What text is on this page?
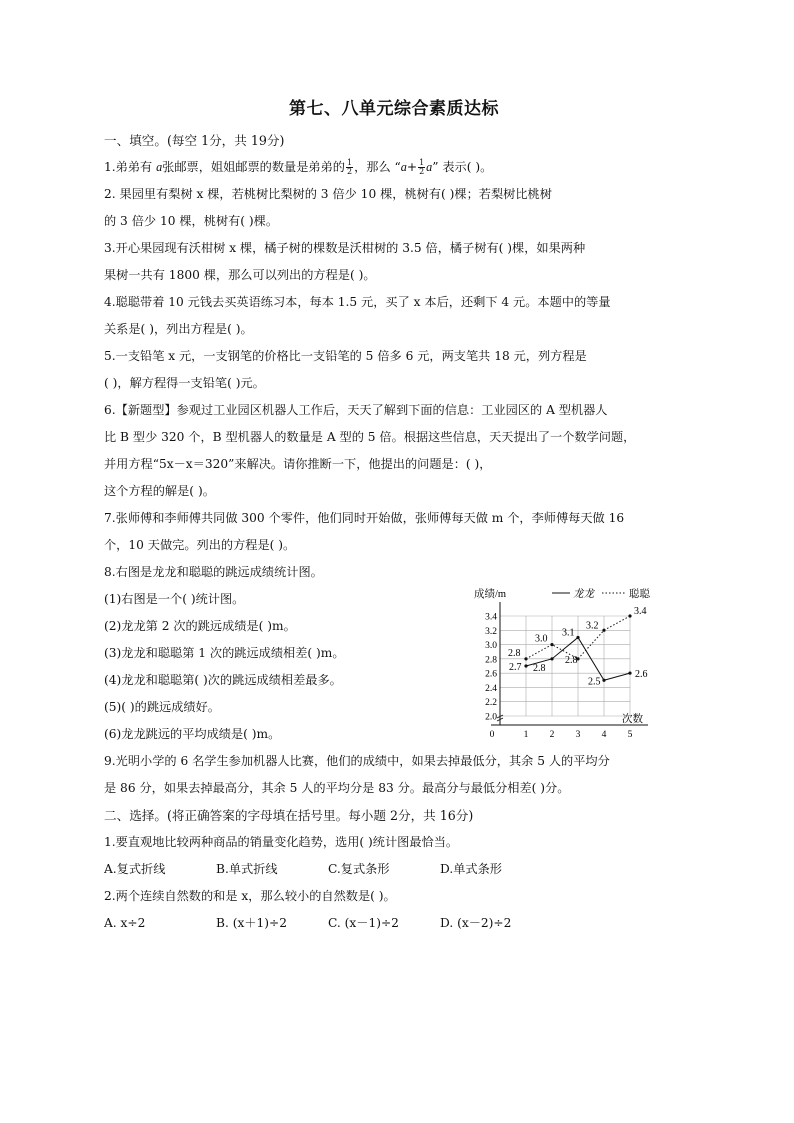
第七、八单元综合素质达标
一、填空。(每空 1分，共 19分)
1.弟弟有 a张邮票，姐姐邮票的数量是弟弟的 $\frac{1}{2}$ ，那么 “$a+ \frac{1}{2} a$” 表示( )。
2. 果园里有梨树 x 棵，若桃树比梨树的 3 倍少 10 棵，桃树有( )棵；若梨树比桃树
的 3 倍少 10 棵，桃树有( )棵。
3.开心果园现有沃柑树 x 棵，橘子树的棵数是沃柑树的 3.5 倍，橘子树有( )棵，如果两种
果树一共有 1800 棵，那么可以列出的方程是( )。
4.聪聪带着 10 元钱去买英语练习本，每本 1.5 元，买了 x 本后，还剩下 4 元。本题中的等量
关系是( )，列出方程是( )。
5.一支铅笔 x 元，一支钢笔的价格比一支铅笔的 5 倍多 6 元，两支笔共 18 元，列方程是
( )，解方程得一支铅笔( )元。
6.【新题型】参观过工业园区机器人工作后，天天了解到下面的信息：工业园区的 A 型机器人
比 B 型少 320 个，B 型机器人的数量是 A 型的 5 倍。根据这些信息，天天提出了一个数学问题，
并用方程“5x－x＝320”来解决。请你推断一下，他提出的问题是：( )，
这个方程的解是( )。
7.张师傅和李师傅共同做 300 个零件，他们同时开始做，张师傅每天做 m 个，李师傅每天做 16
个，10 天做完。列出的方程是( )。
8.右图是龙龙和聪聪的跳远成绩统计图。
(1)右图是一个( )统计图。
(2)龙龙第 2 次的跳远成绩是( )m。
(3)龙龙和聪聪第 1 次的跳远成绩相差( )m。
(4)龙龙和聪聪第( )次的跳远成绩相差最多。
(5)( )的跳远成绩好。
(6)龙龙跳远的平均成绩是( )m。
9.光明小学的 6 名学生参加机器人比赛，他们的成绩中，如果去掉最低分，其余 5 人的平均分
是 86 分，如果去掉最高分，其余 5 人的平均分是 83 分。最高分与最低分相差( )分。
二、选择。(将正确答案的字母填在括号里。每小题 2分，共 16分)
1.要直观地比较两种商品的销量变化趋势，选用( )统计图最恰当。
A.复式折线	B.单式折线	C.复式条形	D.单式条形
2.两个连续自然数的和是 x，那么较小的自然数是( )。
A. x÷2	B. (x＋1)÷2	C. (x－1)÷2	D. (x－2)÷2
成绩/m
次数
2.0
2.2
2.4
2.6
2.8
3.0
3.2
3.4
0	1 2 3 4 5
龙龙	聪聪
2.7 2.8
3.1
2.5
2.6
2.8
3.0
2.8
3.2
3.4
